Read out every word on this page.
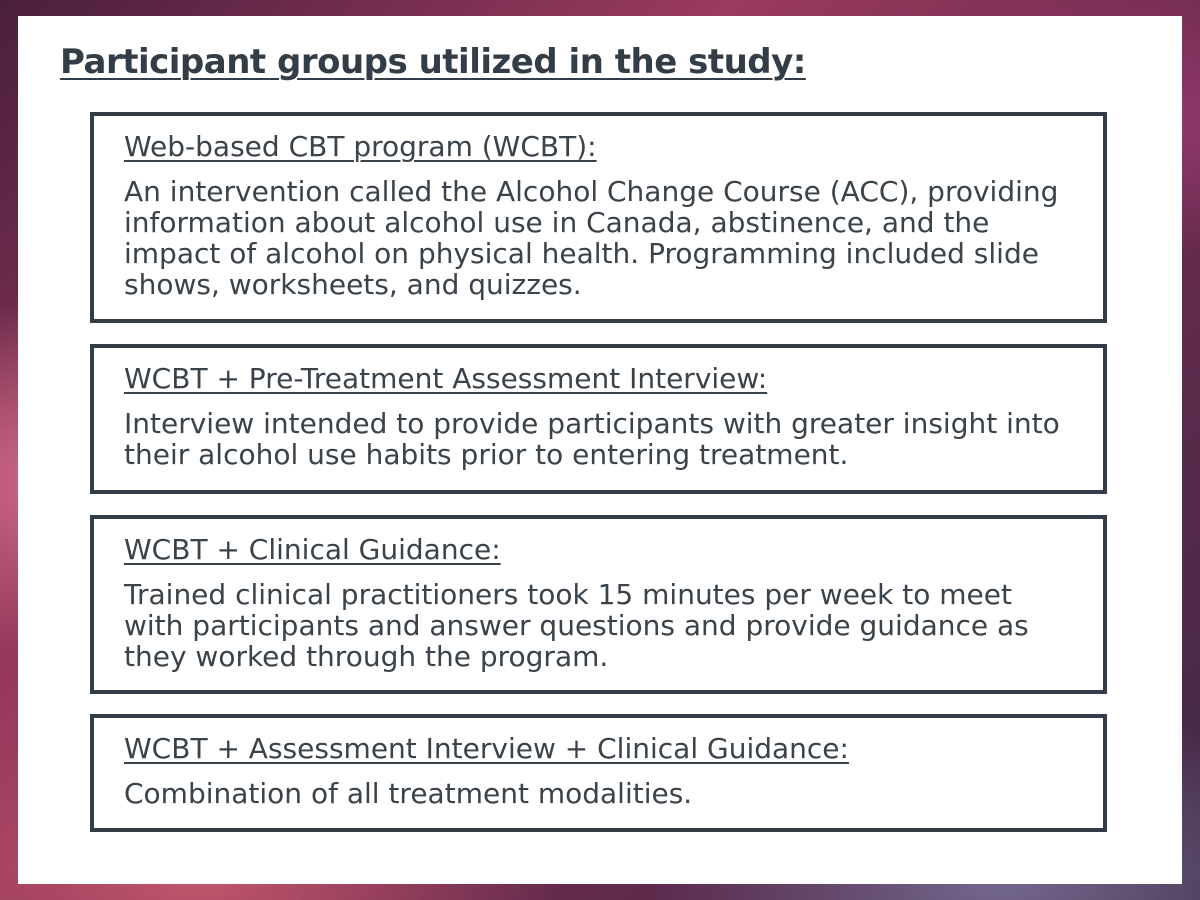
Participant groups utilized in the study:

Web-based CBT program (WCBT):

An intervention called the Alcohol Change Course (ACC), providing information about alcohol use in Canada, abstinence, and the impact of alcohol on physical health. Programming included slide shows, worksheets, and quizzes.

WCBT + Pre-Treatment Assessment Interview:

Interview intended to provide participants with greater insight into their alcohol use habits prior to entering treatment.

WCBT + Clinical Guidance:

Trained clinical practitioners took 15 minutes per week to meet with participants and answer questions and provide guidance as they worked through the program.

WCBT + Assessment Interview + Clinical Guidance:

Combination of all treatment modalities.
